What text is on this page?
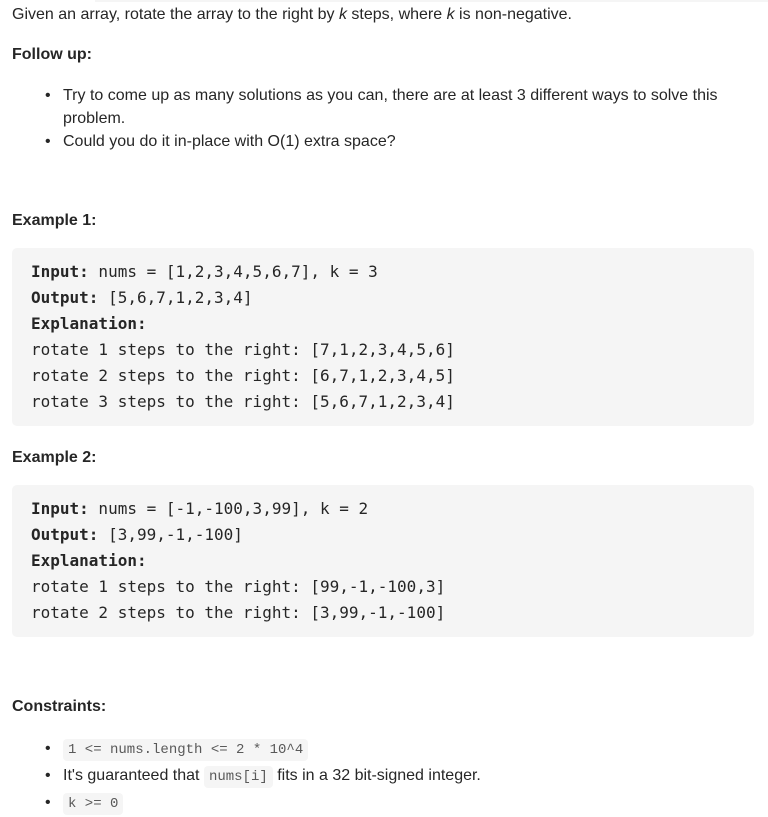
Given an array, rotate the array to the right by k steps, where k is non-negative.

Follow up:
• Try to come up as many solutions as you can, there are at least 3 different ways to solve this problem.
• Could you do it in-place with O(1) extra space?
Example 1:
Input: nums = [1,2,3,4,5,6,7], k = 3
Output: [5,6,7,1,2,3,4]
Explanation:
rotate 1 steps to the right: [7,1,2,3,4,5,6]
rotate 2 steps to the right: [6,7,1,2,3,4,5]
rotate 3 steps to the right: [5,6,7,1,2,3,4]
Example 2:
Input: nums = [-1,-100,3,99], k = 2
Output: [3,99,-1,-100]
Explanation:
rotate 1 steps to the right: [99,-1,-100,3]
rotate 2 steps to the right: [3,99,-1,-100]
Constraints:
• 1 <= nums.length <= 2 * 10^4
• It's guaranteed that nums[i] fits in a 32 bit-signed integer.
• k >= 0
